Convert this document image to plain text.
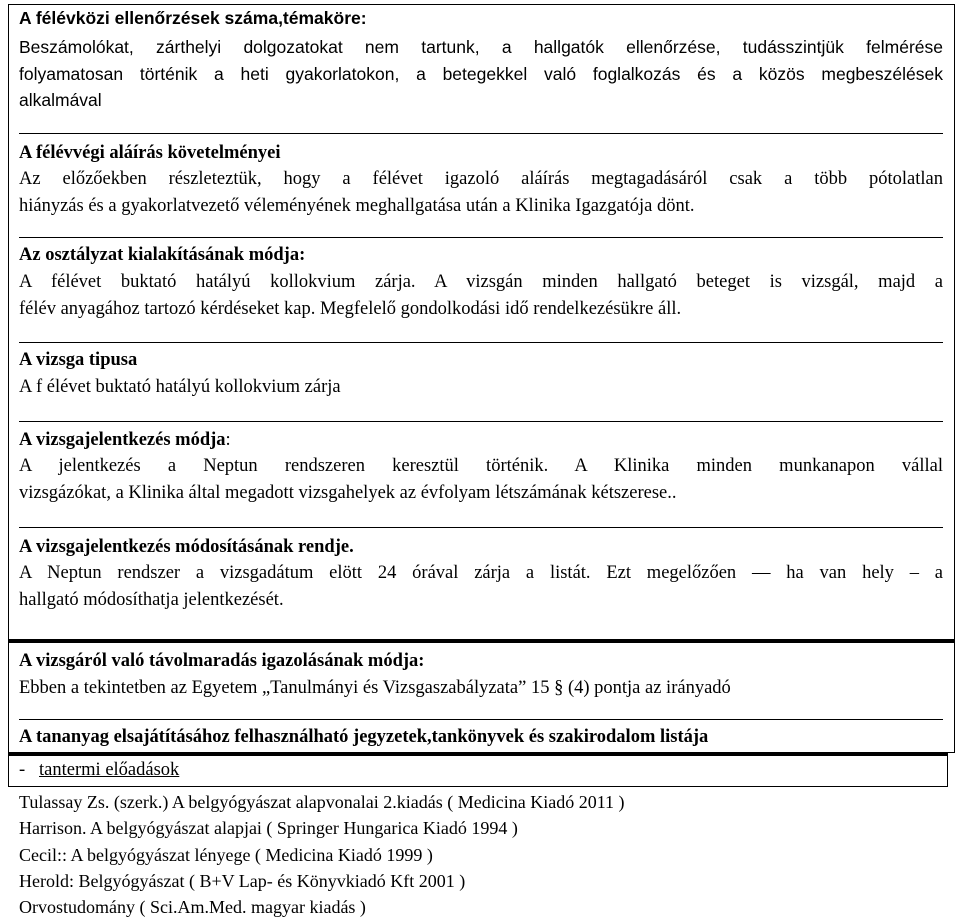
A félévközi ellenőrzések száma,témaköre:
Beszámolókat, zárthelyi dolgozatokat nem tartunk, a hallgatók ellenőrzése, tudásszintjük felmérése
folyamatosan történik a heti gyakorlatokon, a betegekkel való foglalkozás és a közös megbeszélések
alkalmával
A félévvégi aláírás követelményei
Az előzőekben részleteztük, hogy a félévet igazoló aláírás megtagadásáról csak a több pótolatlan
hiányzás és a gyakorlatvezető véleményének meghallgatása után a Klinika Igazgatója dönt.
Az osztályzat kialakításának módja:
A félévet buktató hatályú kollokvium zárja. A vizsgán minden hallgató beteget is vizsgál, majd a
félév anyagához tartozó kérdéseket kap. Megfelelő gondolkodási idő rendelkezésükre áll.
A vizsga tipusa
A f élévet buktató hatályú kollokvium zárja
A vizsgajelentkezés módja:
A jelentkezés a Neptun rendszeren keresztül történik. A Klinika minden munkanapon vállal
vizsgázókat, a Klinika által megadott vizsgahelyek az évfolyam létszámának kétszerese..
A vizsgajelentkezés módosításának rendje.
A Neptun rendszer a vizsgadátum elött 24 órával zárja a listát. Ezt megelőzően — ha van hely – a
hallgató módosíthatja jelentkezését.
A vizsgáról való távolmaradás igazolásának módja:
Ebben a tekintetben az Egyetem „Tanulmányi és Vizsgaszabályzata” 15 § (4) pontja az irányadó
A tananyag elsajátításához felhasználható jegyzetek,tankönyvek és szakirodalom listája
- tantermi előadások
Tulassay Zs. (szerk.) A belgyógyászat alapvonalai 2.kiadás ( Medicina Kiadó 2011 )
Harrison. A belgyógyászat alapjai ( Springer Hungarica Kiadó 1994 )
Cecil:: A belgyógyászat lényege ( Medicina Kiadó 1999 )
Herold: Belgyógyászat ( B+V Lap- és Könyvkiadó Kft 2001 )
Orvostudomány ( Sci.Am.Med. magyar kiadás )
